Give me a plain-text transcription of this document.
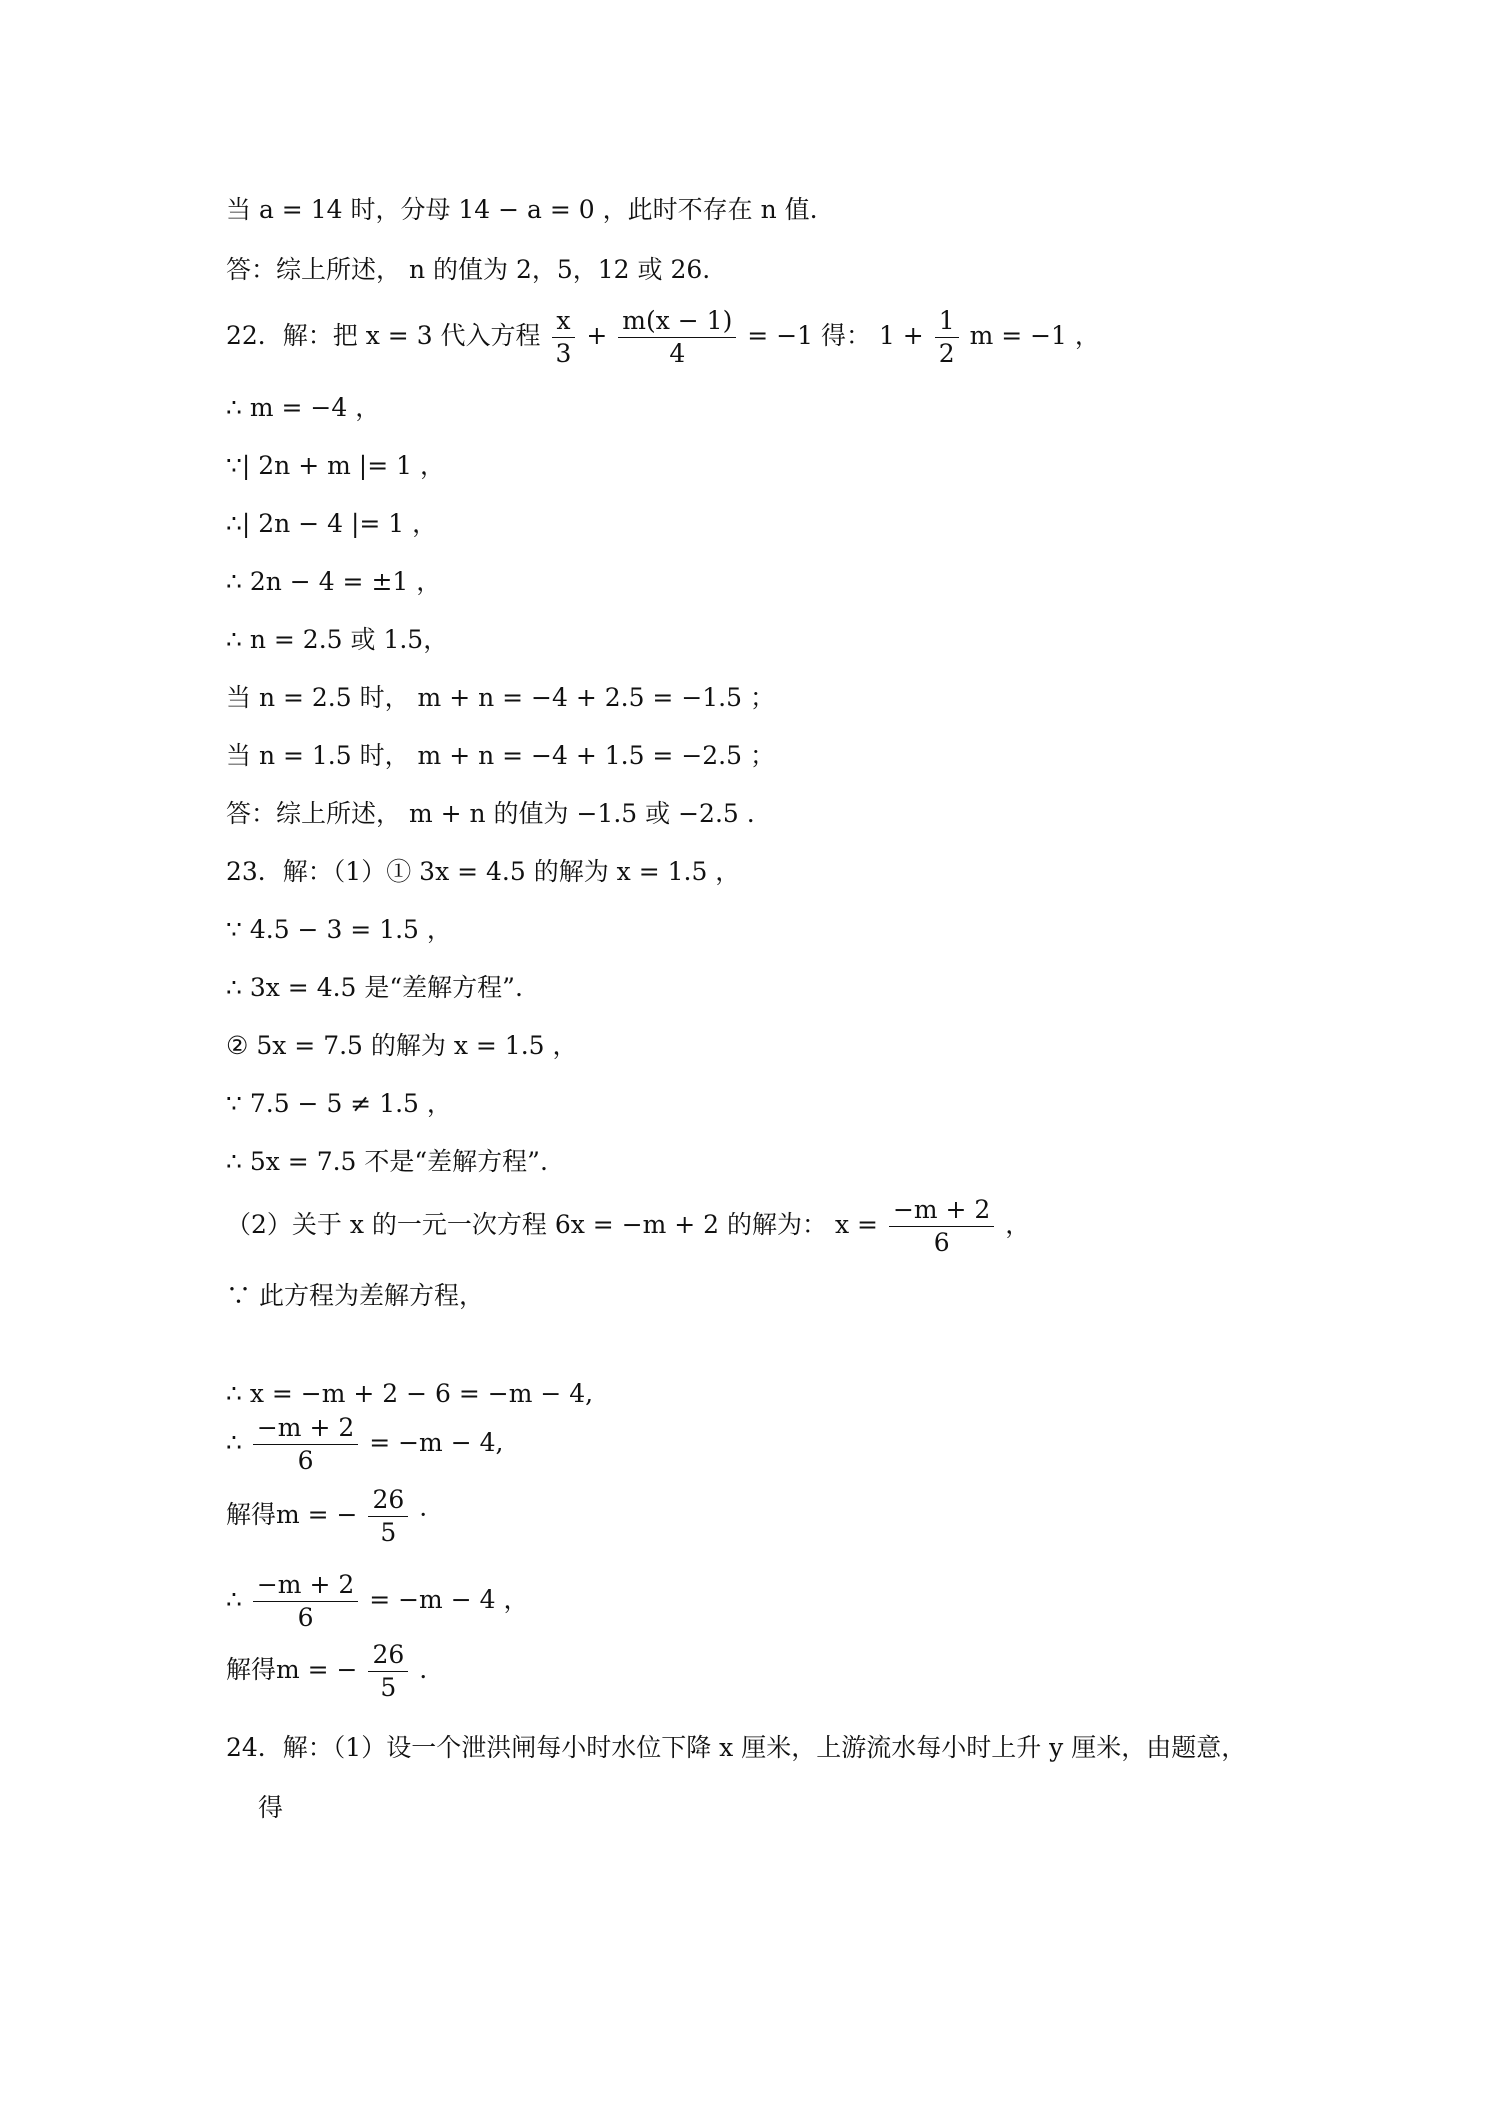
当 a = 14 时，分母 14 − a = 0 ，此时不存在 n 值.
答：综上所述， n 的值为 2，5，12 或 26.
22．解：把 x = 3 代入方程 $\frac{x}{3} + \frac{m(x - 1)}{4} = -1$ 得： $1 + \frac{1}{2}$ m = −1 ，
∴ m = −4 ，
∵| 2n + m |= 1 ，
∴| 2n − 4 |= 1 ，
∴ 2n − 4 = ±1 ，
∴ n = 2.5 或 1.5，
当 n = 2.5 时， m + n = −4 + 2.5 = −1.5 ；
当 n = 1.5 时， m + n = −4 + 1.5 = −2.5 ；
答：综上所述， m + n 的值为 −1.5 或 −2.5 .
23．解：（1）① 3x = 4.5 的解为 x = 1.5 ，
∵ 4.5 − 3 = 1.5 ，
∴ 3x = 4.5 是“差解方程”.
② 5x = 7.5 的解为 x = 1.5 ，
∵ 7.5 − 5 ≠ 1.5 ，
∴ 5x = 7.5 不是“差解方程”.
（2）关于 x 的一元一次方程 6x = −m + 2 的解为： $x = \frac{-m + 2}{6}$ ，
∵ 此方程为差解方程，
∴ x = −m + 2 − 6 = −m − 4,
∴ $\frac{-m + 2}{6} = -m - 4$,
解得m = − $\frac{26}{5}$ ·
∴ $\frac{-m + 2}{6} = -m - 4$ ，
解得m = − $\frac{26}{5}$ .
24．解：（1）设一个泄洪闸每小时水位下降 x 厘米，上游流水每小时上升 y 厘米，由题意，
得
